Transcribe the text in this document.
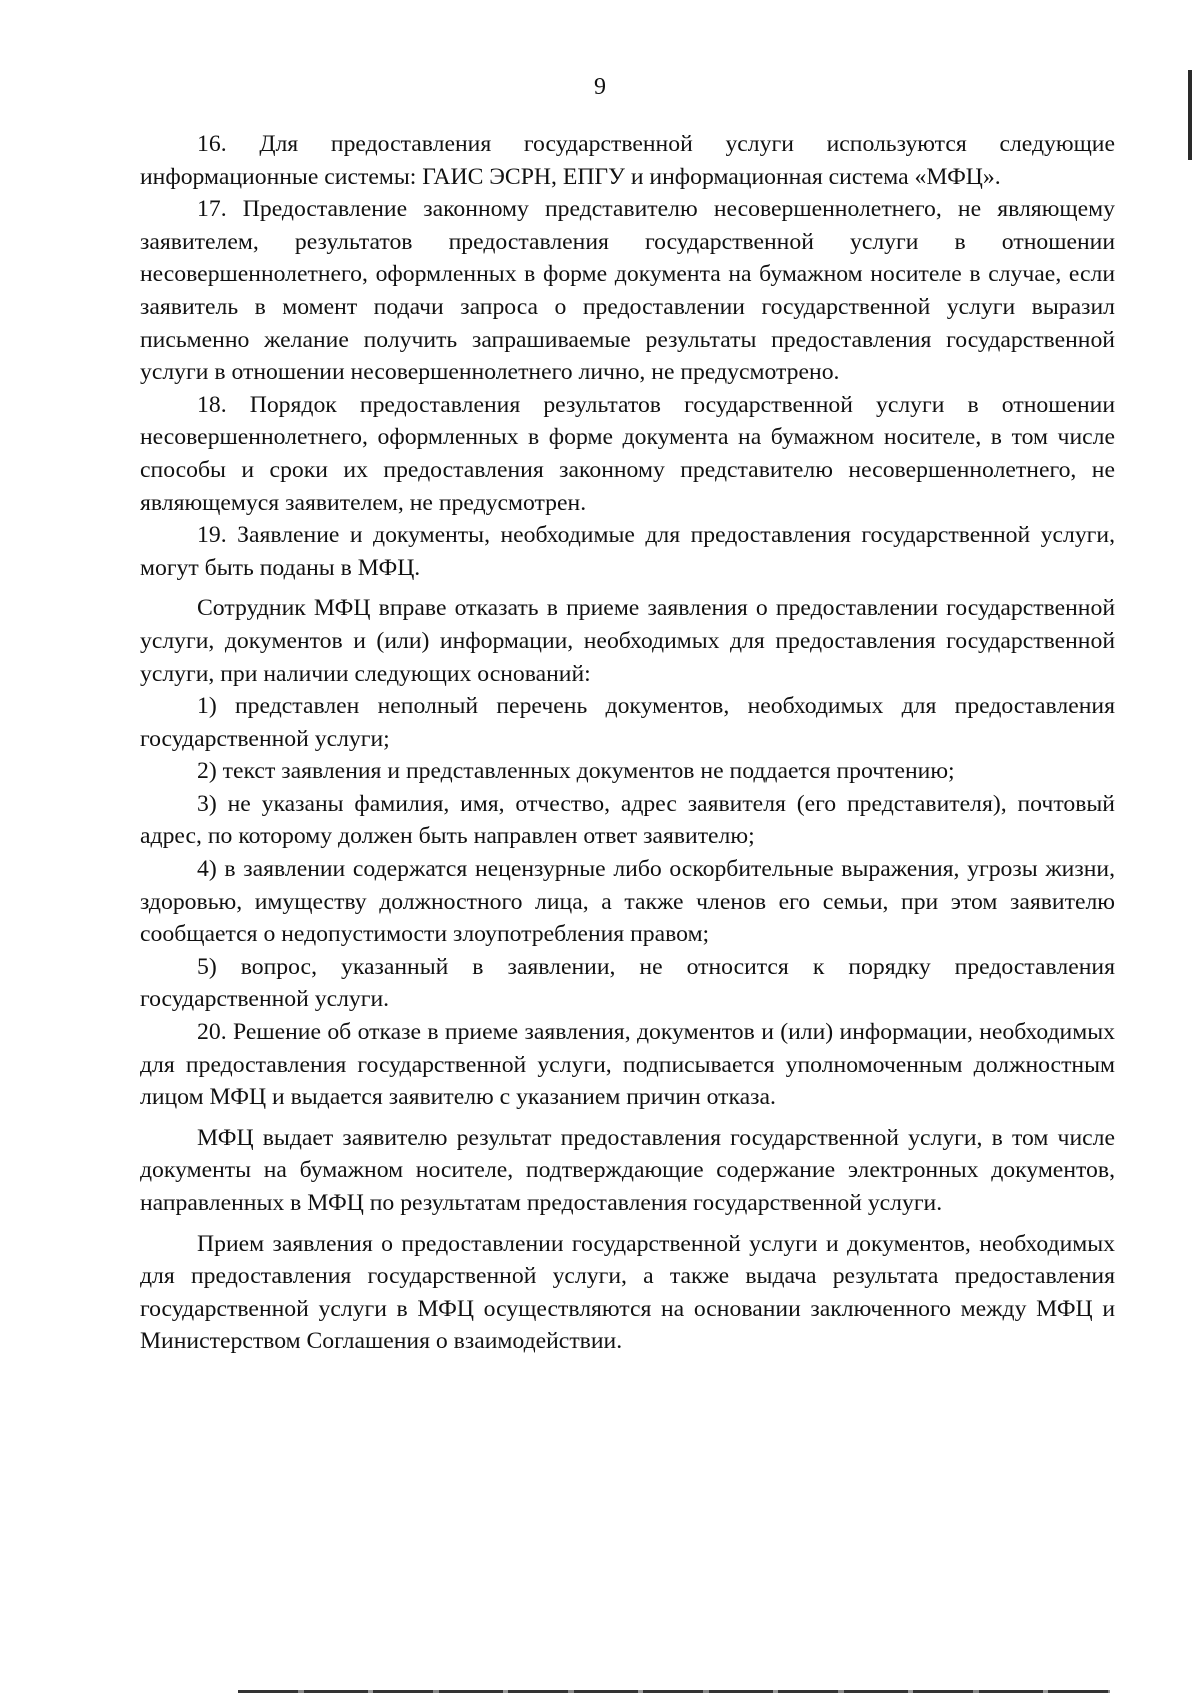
9

16. Для предоставления государственной услуги используются следующие информационные системы: ГАИС ЭСРН, ЕПГУ и информационная система «МФЦ».

17. Предоставление законному представителю несовершеннолетнего, не являющему заявителем, результатов предоставления государственной услуги в отношении несовершеннолетнего, оформленных в форме документа на бумажном носителе в случае, если заявитель в момент подачи запроса о предоставлении государственной услуги выразил письменно желание получить запрашиваемые результаты предоставления государственной услуги в отношении несовершеннолетнего лично, не предусмотрено.

18. Порядок предоставления результатов государственной услуги в отношении несовершеннолетнего, оформленных в форме документа на бумажном носителе, в том числе способы и сроки их предоставления законному представителю несовершеннолетнего, не являющемуся заявителем, не предусмотрен.

19. Заявление и документы, необходимые для предоставления государственной услуги, могут быть поданы в МФЦ.

Сотрудник МФЦ вправе отказать в приеме заявления о предоставлении государственной услуги, документов и (или) информации, необходимых для предоставления государственной услуги, при наличии следующих оснований:

1) представлен неполный перечень документов, необходимых для предоставления государственной услуги;

2) текст заявления и представленных документов не поддается прочтению;

3) не указаны фамилия, имя, отчество, адрес заявителя (его представителя), почтовый адрес, по которому должен быть направлен ответ заявителю;

4) в заявлении содержатся нецензурные либо оскорбительные выражения, угрозы жизни, здоровью, имуществу должностного лица, а также членов его семьи, при этом заявителю сообщается о недопустимости злоупотребления правом;

5) вопрос, указанный в заявлении, не относится к порядку предоставления государственной услуги.

20. Решение об отказе в приеме заявления, документов и (или) информации, необходимых для предоставления государственной услуги, подписывается уполномоченным должностным лицом МФЦ и выдается заявителю с указанием причин отказа.

МФЦ выдает заявителю результат предоставления государственной услуги, в том числе документы на бумажном носителе, подтверждающие содержание электронных документов, направленных в МФЦ по результатам предоставления государственной услуги.

Прием заявления о предоставлении государственной услуги и документов, необходимых для предоставления государственной услуги, а также выдача результата предоставления государственной услуги в МФЦ осуществляются на основании заключенного между МФЦ и Министерством Соглашения о взаимодействии.
